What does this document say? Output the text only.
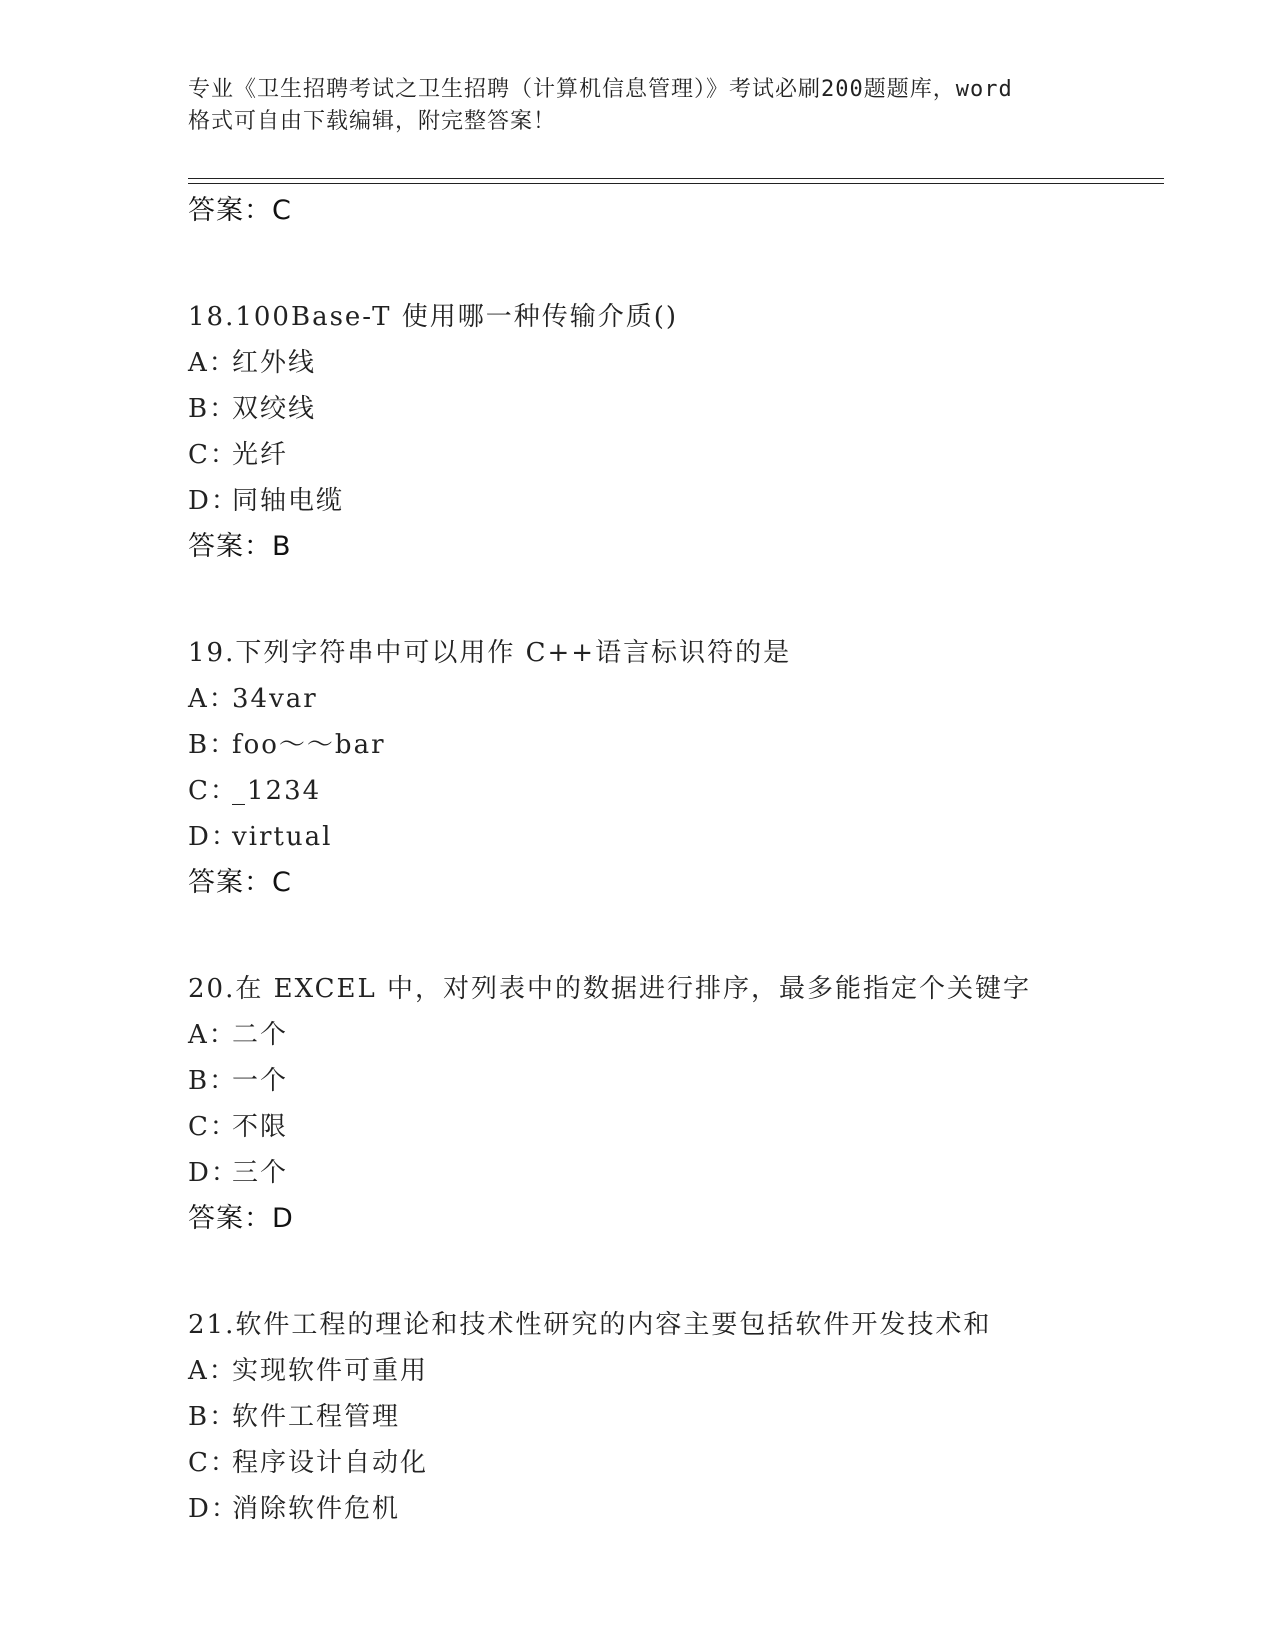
专业《卫生招聘考试之卫生招聘（计算机信息管理）》考试必刷200题题库，word
格式可自由下载编辑，附完整答案！
答案：C
18.100Base-T 使用哪一种传输介质()
A：红外线
B：双绞线
C：光纤
D：同轴电缆
答案：B
19.下列字符串中可以用作 C++语言标识符的是
A：34var
B：foo～～bar
C：_1234
D：virtual
答案：C
20.在 EXCEL 中，对列表中的数据进行排序，最多能指定个关键字
A：二个
B：一个
C：不限
D：三个
答案：D
21.软件工程的理论和技术性研究的内容主要包括软件开发技术和
A：实现软件可重用
B：软件工程管理
C：程序设计自动化
D：消除软件危机
